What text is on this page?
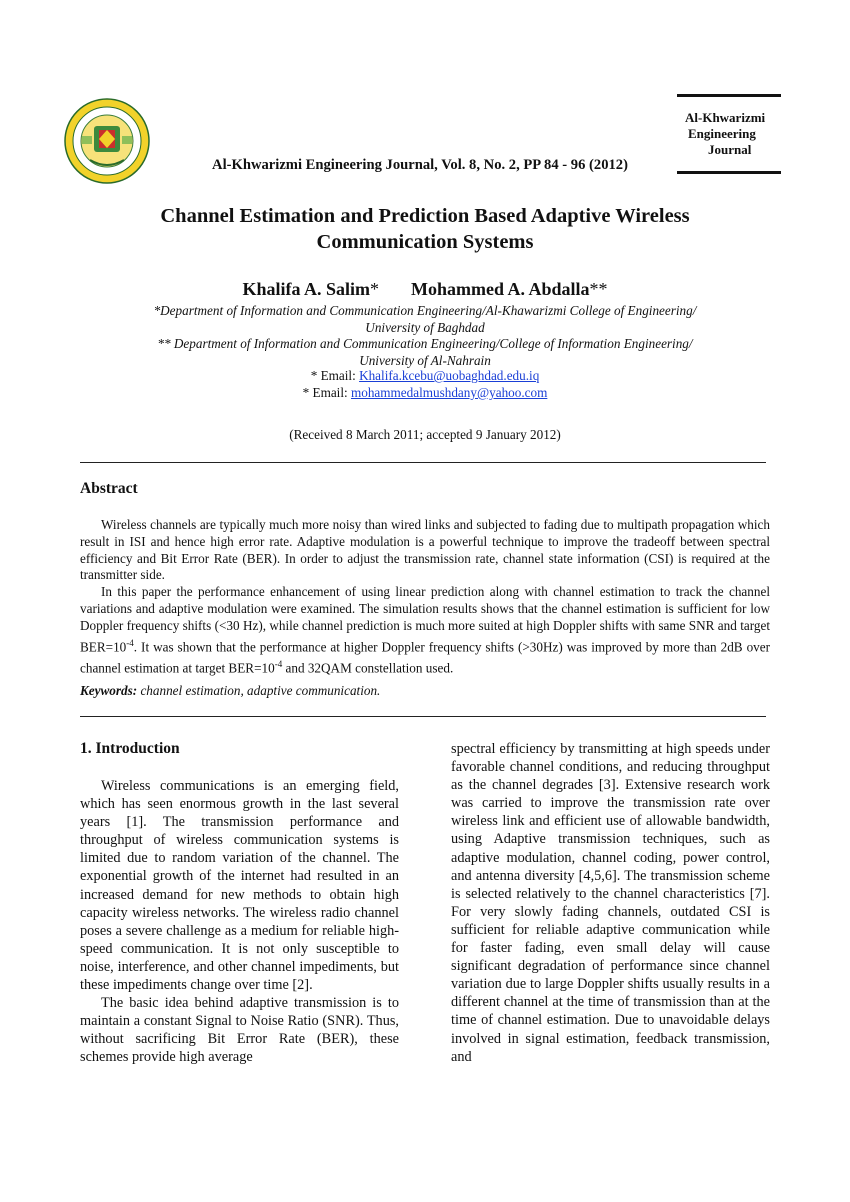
Al-Khwarizmi Engineering Journal, Vol. 8, No. 2, PP 84 - 96 (2012)
Al-Khwarizmi
Engineering
Journal
Channel Estimation and Prediction Based Adaptive Wireless
Communication Systems
Khalifa A. Salim* Mohammed A. Abdalla**
*Department of Information and Communication Engineering/Al-Khawarizmi College of Engineering/
University of Baghdad
** Department of Information and Communication Engineering/College of Information Engineering/
University of Al-Nahrain
* Email: Khalifa.kcebu@uobaghdad.edu.iq
* Email: mohammedalmushdany@yahoo.com
(Received 8 March 2011; accepted 9 January 2012)
Abstract

Wireless channels are typically much more noisy than wired links and subjected to fading due to multipath propagation which result in ISI and hence high error rate. Adaptive modulation is a powerful technique to improve the tradeoff between spectral efficiency and Bit Error Rate (BER). In order to adjust the transmission rate, channel state information (CSI) is required at the transmitter side.

In this paper the performance enhancement of using linear prediction along with channel estimation to track the channel variations and adaptive modulation were examined. The simulation results shows that the channel estimation is sufficient for low Doppler frequency shifts (<30 Hz), while channel prediction is much more suited at high Doppler shifts with same SNR and target $BER=10^{-4}$. It was shown that the performance at higher Doppler frequency shifts (>30Hz) was improved by more than 2dB over channel estimation at target $BER=10^{-4}$ and 32QAM constellation used.

Keywords: channel estimation, adaptive communication.
1. Introduction

Wireless communications is an emerging field, which has seen enormous growth in the last several years [1]. The transmission performance and throughput of wireless communication systems is limited due to random variation of the channel. The exponential growth of the internet had resulted in an increased demand for new methods to obtain high capacity wireless networks. The wireless radio channel poses a severe challenge as a medium for reliable high-speed communication. It is not only susceptible to noise, interference, and other channel impediments, but these impediments change over time [2].

The basic idea behind adaptive transmission is to maintain a constant Signal to Noise Ratio (SNR). Thus, without sacrificing Bit Error Rate (BER), these schemes provide high average

spectral efficiency by transmitting at high speeds under favorable channel conditions, and reducing throughput as the channel degrades [3]. Extensive research work was carried to improve the transmission rate over wireless link and efficient use of allowable bandwidth, using Adaptive transmission techniques, such as adaptive modulation, channel coding, power control, and antenna diversity [4,5,6]. The transmission scheme is selected relatively to the channel characteristics [7]. For very slowly fading channels, outdated CSI is sufficient for reliable adaptive communication while for faster fading, even small delay will cause significant degradation of performance since channel variation due to large Doppler shifts usually results in a different channel at the time of transmission than at the time of channel estimation. Due to unavoidable delays involved in signal estimation, feedback transmission, and
